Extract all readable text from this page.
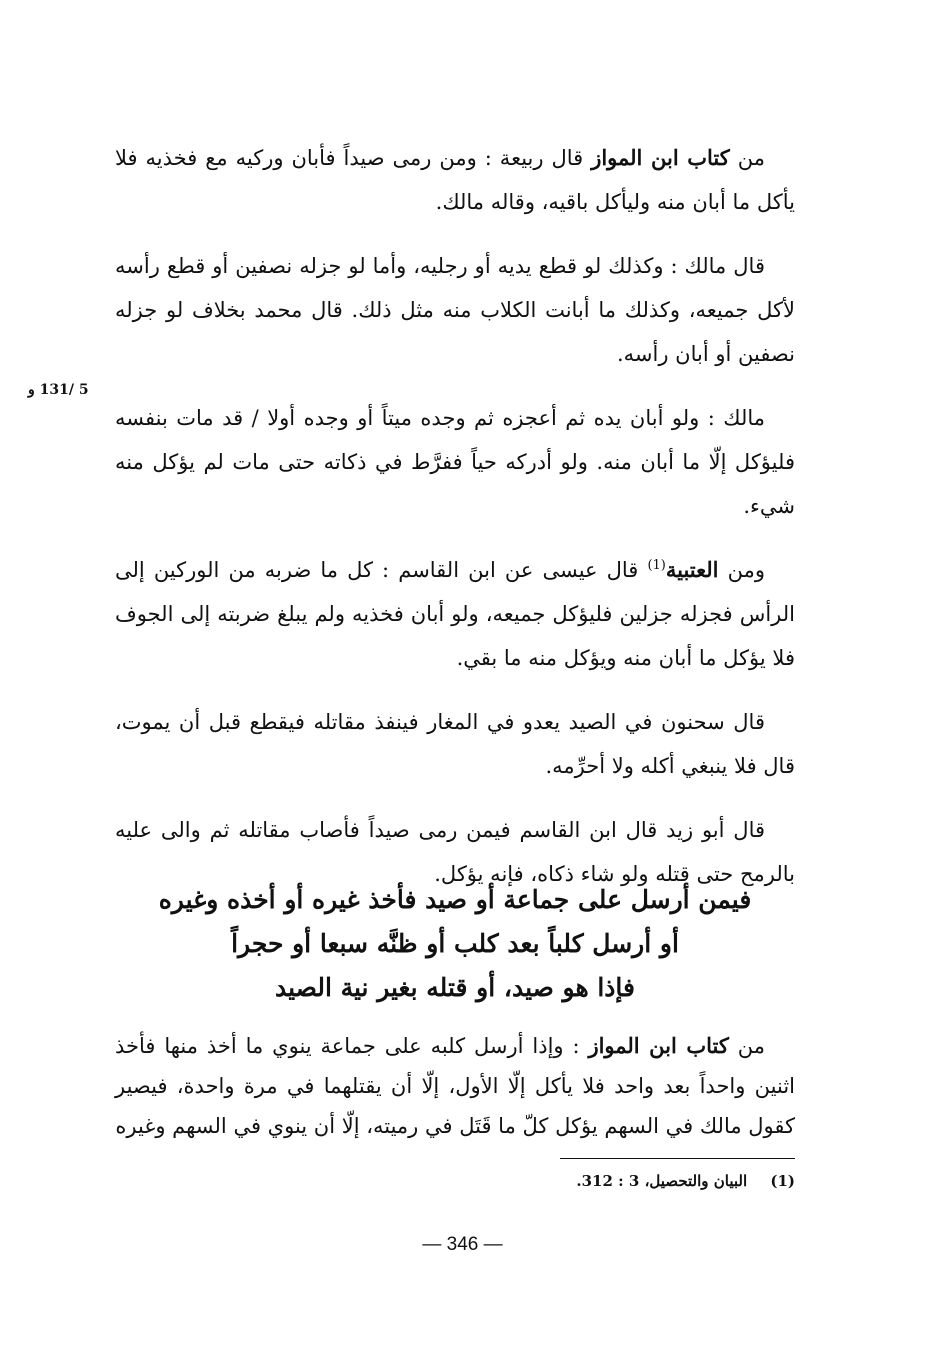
5 /131 و

من كتاب ابن المواز قال ربيعة : ومن رمى صيداً فأبان وركيه مع فخذيه فلا يأكل ما أبان منه وليأكل باقيه، وقاله مالك.

قال مالك : وكذلك لو قطع يديه أو رجليه، وأما لو جزله نصفين أو قطع رأسه لأكل جميعه، وكذلك ما أبانت الكلاب منه مثل ذلك. قال محمد بخلاف لو جزله نصفين أو أبان رأسه.

مالك : ولو أبان يده ثم أعجزه ثم وجده ميتاً أو وجده أولا / قد مات بنفسه فليؤكل إلّا ما أبان منه. ولو أدركه حياً ففرَّط في ذكاته حتى مات لم يؤكل منه شيء.

ومن العتبية$^{(1)}$ قال عيسى عن ابن القاسم : كل ما ضربه من الوركين إلى الرأس فجزله جزلين فليؤكل جميعه، ولو أبان فخذيه ولم يبلغ ضربته إلى الجوف فلا يؤكل ما أبان منه ويؤكل منه ما بقي.

قال سحنون في الصيد يعدو في المغار فينفذ مقاتله فيقطع قبل أن يموت، قال فلا ينبغي أكله ولا أحرِّمه.

قال أبو زيد قال ابن القاسم فيمن رمى صيداً فأصاب مقاتله ثم والى عليه بالرمح حتى قتله ولو شاء ذكاه، فإنه يؤكل.

فيمن أرسل على جماعة أو صيد فأخذ غيره أو أخذه وغيره
أو أرسل كلباً بعد كلب أو ظنَّه سبعا أو حجراً
فإذا هو صيد، أو قتله بغير نية الصيد

من كتاب ابن المواز : وإذا أرسل كلبه على جماعة ينوي ما أخذ منها فأخذ اثنين واحداً بعد واحد فلا يأكل إلّا الأول، إلّا أن يقتلهما في مرة واحدة، فيصير كقول مالك في السهم يؤكل كلّ ما قَتَل في رميته، إلّا أن ينوي في السهم وغيره

(1) البيان والتحصيل، 3 : 312.
— 346 —
